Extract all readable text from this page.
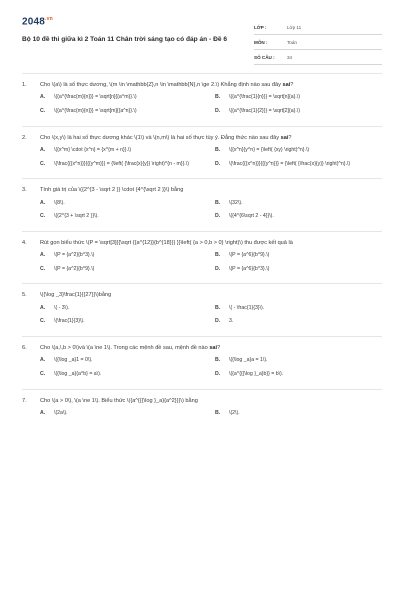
$2048^{.vn}$
Bộ 10 đề thi giữa kì 2 Toán 11 Chân trời sáng tạo có đáp án - Đề 6
LỚP :	Lớp 11
MÔN :	Toán
SỐ CÂU :	34
1. Cho \(a\) là số thực dương, \(m \in \mathbb{Z},n \in \mathbb{N},n \ge 2.\) Khẳng định nào sau đây sai?
A. \({a^{\frac{m}{n}}} = \sqrt[n]{{a^m}}.\)	B. \({a^{\frac{1}{n}}} = \sqrt[n]{a}.\)
C. \({a^{\frac{m}{n}}} = \sqrt[m]{{a^n}}.\)	D. \({a^{\frac{1}{2}}} = \sqrt[2]{a}.\)
2. Cho \(x,y\) là hai số thực dương khác \(1\) và \(n,m\) là hai số thực tùy ý. Đẳng thức nào sau đây sai?
A. \({x^m} \cdot {x^n} = {x^{m + n}}.\)	B. \({x^n}{y^n} = {\left( {xy} \right)^n}.\)
C. \(\frac{{{x^n}}}{{{y^m}}} = {\left( {\frac{x}{y}} \right)^{n - m}}.\)	D. \(\frac{{{x^n}}}{{{y^n}}} = {\left( {\frac{x}{y}} \right)^n}.\)
3. Tính giá trị của \({2^{3 - \sqrt 2 }} \cdot {4^{\sqrt 2 }}\) bằng
A. \(8\).	B. \(32\).
C. \({2^{3 + \sqrt 2 }}\).	D. \({4^{6\sqrt 2 - 4}}\).
4. Rút gọn biểu thức \(P = \sqrt[3]{{\sqrt {{a^{12}}{b^{18}}} }}\left( {a > 0,b > 0} \right)\) thu được kết quả là
A. \(P = {a^2}{b^3}.\)	B. \(P = {a^6}{b^9}.\)
C. \(P = {a^2}{b^9}.\)	D. \(P = {a^6}{b^3}.\)
5. \({\log _3}\frac{1}{{27}}\)bằng
A. \( - 3\).	B. \( - \frac{1}{3}\).
C. \(\frac{1}{3}\).	D. 3.
6. Cho \(a,\,b > 0\)và \(a \ne 1\). Trong các mệnh đề sau, mệnh đề nào sai?
A. \({\log _a}1 = 0\).	B. \({\log _a}a = 1\).
C. \({\log _a}{a^b} = a\).	D. \({a^{{{\log }_a}b}} = b\).
7. Cho \(a > 0\), \(a \ne 1\). Biểu thức \({a^{{{\log }_a}{a^2}}}\) bằng
A. \(2a\).	B. \(2\).
